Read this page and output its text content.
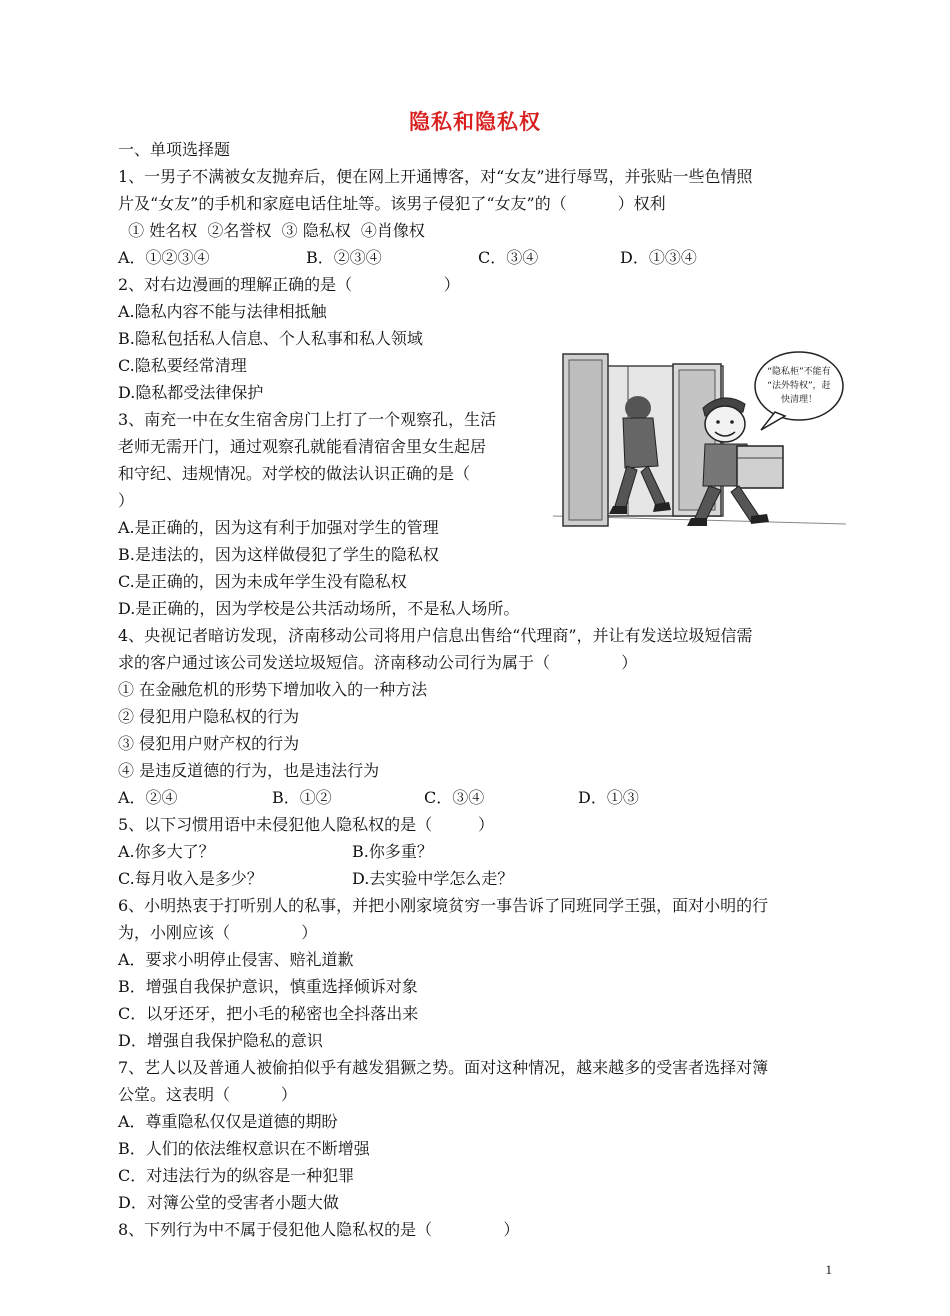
隐私和隐私权
一、单项选择题
1、一男子不满被女友抛弃后，便在网上开通博客，对“女友”进行辱骂，并张贴一些色情照
片及“女友”的手机和家庭电话住址等。该男子侵犯了“女友”的（          ）权利
① 姓名权  ②名誉权  ③ 隐私权  ④肖像权
A．①②③④	B．②③④	C．③④	D．①③④
2、对右边漫画的理解正确的是（                  ）
A.隐私内容不能与法律相抵触
B.隐私包括私人信息、个人私事和私人领域
C.隐私要经常清理
D.隐私都受法律保护
“隐私柜”不能有
“法外特权”，赶
快清理！
3、南充一中在女生宿舍房门上打了一个观察孔，生活
老师无需开门，通过观察孔就能看清宿舍里女生起居
和守纪、违规情况。对学校的做法认识正确的是（
）
A.是正确的，因为这有利于加强对学生的管理
B.是违法的，因为这样做侵犯了学生的隐私权
C.是正确的，因为未成年学生没有隐私权
D.是正确的，因为学校是公共活动场所，不是私人场所。
4、央视记者暗访发现，济南移动公司将用户信息出售给“代理商”，并让有发送垃圾短信需
求的客户通过该公司发送垃圾短信。济南移动公司行为属于（              ）
① 在金融危机的形势下增加收入的一种方法
② 侵犯用户隐私权的行为
③ 侵犯用户财产权的行为
④ 是违反道德的行为，也是违法行为
A．②④	B．①②	C．③④	D．①③
5、以下习惯用语中未侵犯他人隐私权的是（         ）
A.你多大了？	B.你多重？
C.每月收入是多少？	D.去实验中学怎么走？
6、小明热衷于打听别人的私事，并把小刚家境贫穷一事告诉了同班同学王强，面对小明的行
为，小刚应该（              ）
A．要求小明停止侵害、赔礼道歉
B．增强自我保护意识，慎重选择倾诉对象
C．以牙还牙，把小毛的秘密也全抖落出来
D．增强自我保护隐私的意识
7、艺人以及普通人被偷拍似乎有越发猖獗之势。面对这种情况，越来越多的受害者选择对簿
公堂。这表明（          ）
A．尊重隐私仅仅是道德的期盼
B．人们的依法维权意识在不断增强
C．对违法行为的纵容是一种犯罪
D．对簿公堂的受害者小题大做
8、下列行为中不属于侵犯他人隐私权的是（              ）
1
